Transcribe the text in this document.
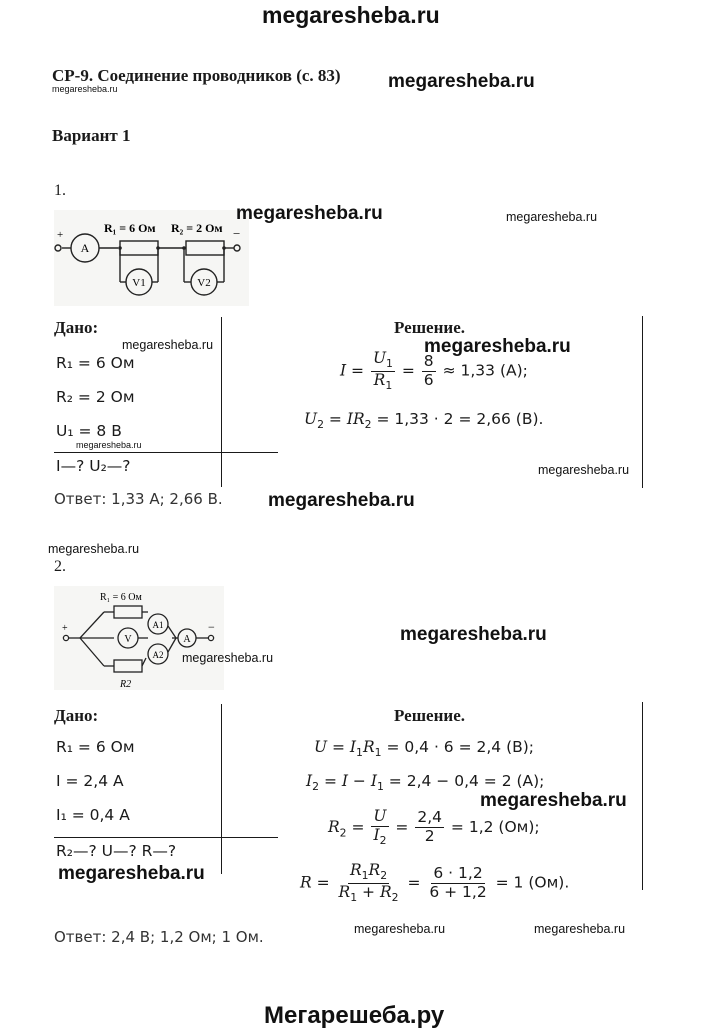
megaresheba.ru
СР-9. Соединение проводников (с. 83) megaresheba.ru
megaresheba.ru
Вариант 1
1.
+	−
A
R₁ = 6 Ом R₂ = 2 Ом
V1	V2
megaresheba.ru	megaresheba.ru
Дано:
megaresheba.ru
R₁ = 6 Ом
R₂ = 2 Ом
U₁ = 8 В
megaresheba.ru
I—? U₂—?
Решение.
megaresheba.ru
$I = \frac{U_1}{R_1} = \frac{8}{6} \approx 1,33$ (А);
$U_2 = IR_2 = 1,33 \cdot 2 = 2,66$ (В).
megaresheba.ru
Ответ: 1,33 А; 2,66 В. megaresheba.ru
megaresheba.ru
2.
+	−
R₁ = 6 Ом
R2
V
A1
A2
A
megaresheba.ru
megaresheba.ru
Дано:
R₁ = 6 Ом
I = 2,4 А
I₁ = 0,4 А
R₂—? U—? R—?
megaresheba.ru
Решение.
$U = I_1R_1 = 0,4 \cdot 6 = 2,4$ (В);
$I_2 = I - I_1 = 2,4 - 0,4 = 2$ (А);
megaresheba.ru
$R_2 = \frac{U}{I_2} = \frac{2,4}{2} = 1,2$ (Ом);
$R = \frac{R_1R_2}{R_1 + R_2} = \frac{6 \cdot 1,2}{6 + 1,2} = 1$ (Ом).
Ответ: 2,4 В; 1,2 Ом; 1 Ом.	megaresheba.ru	megaresheba.ru
Мегарешеба.ру
